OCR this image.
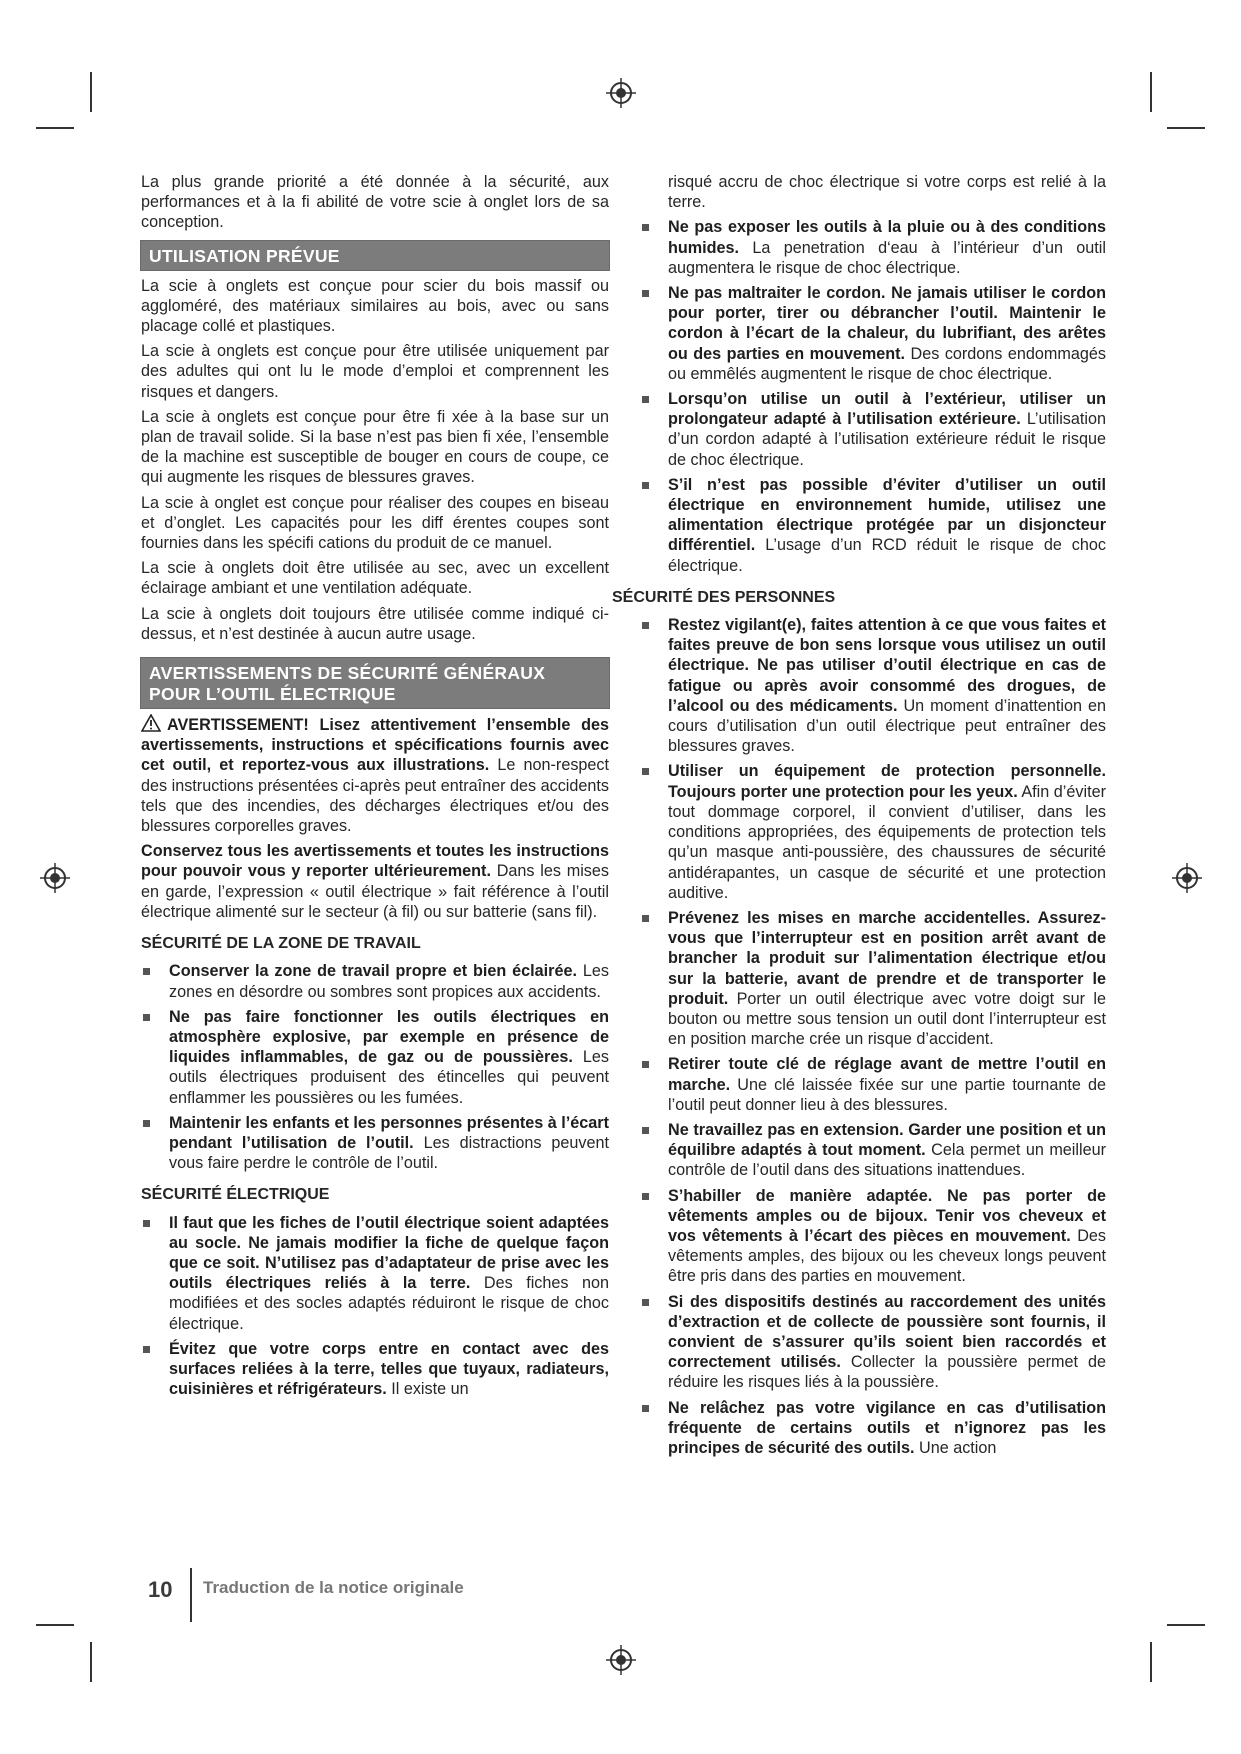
La plus grande priorité a été donnée à la sécurité, aux performances et à la fi abilité de votre scie à onglet lors de sa conception.

UTILISATION PRÉVUE

La scie à onglets est conçue pour scier du bois massif ou aggloméré, des matériaux similaires au bois, avec ou sans placage collé et plastiques.

La scie à onglets est conçue pour être utilisée uniquement par des adultes qui ont lu le mode d’emploi et comprennent les risques et dangers.

La scie à onglets est conçue pour être fi xée à la base sur un plan de travail solide. Si la base n’est pas bien fi xée, l’ensemble de la machine est susceptible de bouger en cours de coupe, ce qui augmente les risques de blessures graves.

La scie à onglet est conçue pour réaliser des coupes en biseau et d’onglet. Les capacités pour les diff érentes coupes sont fournies dans les spécifi cations du produit de ce manuel.

La scie à onglets doit être utilisée au sec, avec un excellent éclairage ambiant et une ventilation adéquate.

La scie à onglets doit toujours être utilisée comme indiqué ci-dessus, et n’est destinée à aucun autre usage.

AVERTISSEMENTS DE SÉCURITÉ GÉNÉRAUX
POUR L’OUTIL ÉLECTRIQUE

AVERTISSEMENT! Lisez attentivement l’ensemble des avertissements, instructions et spécifications fournis avec cet outil, et reportez-vous aux illustrations. Le non-respect des instructions présentées ci-après peut entraîner des accidents tels que des incendies, des décharges électriques et/ou des blessures corporelles graves.

Conservez tous les avertissements et toutes les instructions pour pouvoir vous y reporter ultérieurement. Dans les mises en garde, l’expression « outil électrique » fait référence à l’outil électrique alimenté sur le secteur (à fil) ou sur batterie (sans fil).

SÉCURITÉ DE LA ZONE DE TRAVAIL
Conserver la zone de travail propre et bien éclairée. Les zones en désordre ou sombres sont propices aux accidents.
Ne pas faire fonctionner les outils électriques en atmosphère explosive, par exemple en présence de liquides inflammables, de gaz ou de poussières. Les outils électriques produisent des étincelles qui peuvent enflammer les poussières ou les fumées.
Maintenir les enfants et les personnes présentes à l’écart pendant l’utilisation de l’outil. Les distractions peuvent vous faire perdre le contrôle de l’outil.
SÉCURITÉ ÉLECTRIQUE
Il faut que les fiches de l’outil électrique soient adaptées au socle. Ne jamais modifier la fiche de quelque façon que ce soit. N’utilisez pas d’adaptateur de prise avec les outils électriques reliés à la terre. Des fiches non modifiées et des socles adaptés réduiront le risque de choc électrique.
Évitez que votre corps entre en contact avec des surfaces reliées à la terre, telles que tuyaux, radiateurs, cuisinières et réfrigérateurs. Il existe un

risqué accru de choc électrique si votre corps est relié à la terre.

Ne pas exposer les outils à la pluie ou à des conditions humides. La penetration d‘eau à l’intérieur d’un outil augmentera le risque de choc électrique.
Ne pas maltraiter le cordon. Ne jamais utiliser le cordon pour porter, tirer ou débrancher l’outil. Maintenir le cordon à l’écart de la chaleur, du lubrifiant, des arêtes ou des parties en mouvement. Des cordons endommagés ou emmêlés augmentent le risque de choc électrique.
Lorsqu’on utilise un outil à l’extérieur, utiliser un prolongateur adapté à l’utilisation extérieure. L’utilisation d’un cordon adapté à l’utilisation extérieure réduit le risque de choc électrique.
S’il n’est pas possible d’éviter d’utiliser un outil électrique en environnement humide, utilisez une alimentation électrique protégée par un disjoncteur différentiel. L’usage d’un RCD réduit le risque de choc électrique.
SÉCURITÉ DES PERSONNES
Restez vigilant(e), faites attention à ce que vous faites et faites preuve de bon sens lorsque vous utilisez un outil électrique. Ne pas utiliser d’outil électrique en cas de fatigue ou après avoir consommé des drogues, de l’alcool ou des médicaments. Un moment d’inattention en cours d’utilisation d’un outil électrique peut entraîner des blessures graves.
Utiliser un équipement de protection personnelle. Toujours porter une protection pour les yeux. Afin d’éviter tout dommage corporel, il convient d’utiliser, dans les conditions appropriées, des équipements de protection tels qu’un masque anti-poussière, des chaussures de sécurité antidérapantes, un casque de sécurité et une protection auditive.
Prévenez les mises en marche accidentelles. Assurez-vous que l’interrupteur est en position arrêt avant de brancher la produit sur l’alimentation électrique et/ou sur la batterie, avant de prendre et de transporter le produit. Porter un outil électrique avec votre doigt sur le bouton ou mettre sous tension un outil dont l’interrupteur est en position marche crée un risque d’accident.
Retirer toute clé de réglage avant de mettre l’outil en marche. Une clé laissée fixée sur une partie tournante de l’outil peut donner lieu à des blessures.
Ne travaillez pas en extension. Garder une position et un équilibre adaptés à tout moment. Cela permet un meilleur contrôle de l’outil dans des situations inattendues.
S’habiller de manière adaptée. Ne pas porter de vêtements amples ou de bijoux. Tenir vos cheveux et vos vêtements à l’écart des pièces en mouvement. Des vêtements amples, des bijoux ou les cheveux longs peuvent être pris dans des parties en mouvement.
Si des dispositifs destinés au raccordement des unités d’extraction et de collecte de poussière sont fournis, il convient de s’assurer qu’ils soient bien raccordés et correctement utilisés. Collecter la poussière permet de réduire les risques liés à la poussière.
Ne relâchez pas votre vigilance en cas d’utilisation fréquente de certains outils et n’ignorez pas les principes de sécurité des outils. Une action
10 Traduction de la notice originale
